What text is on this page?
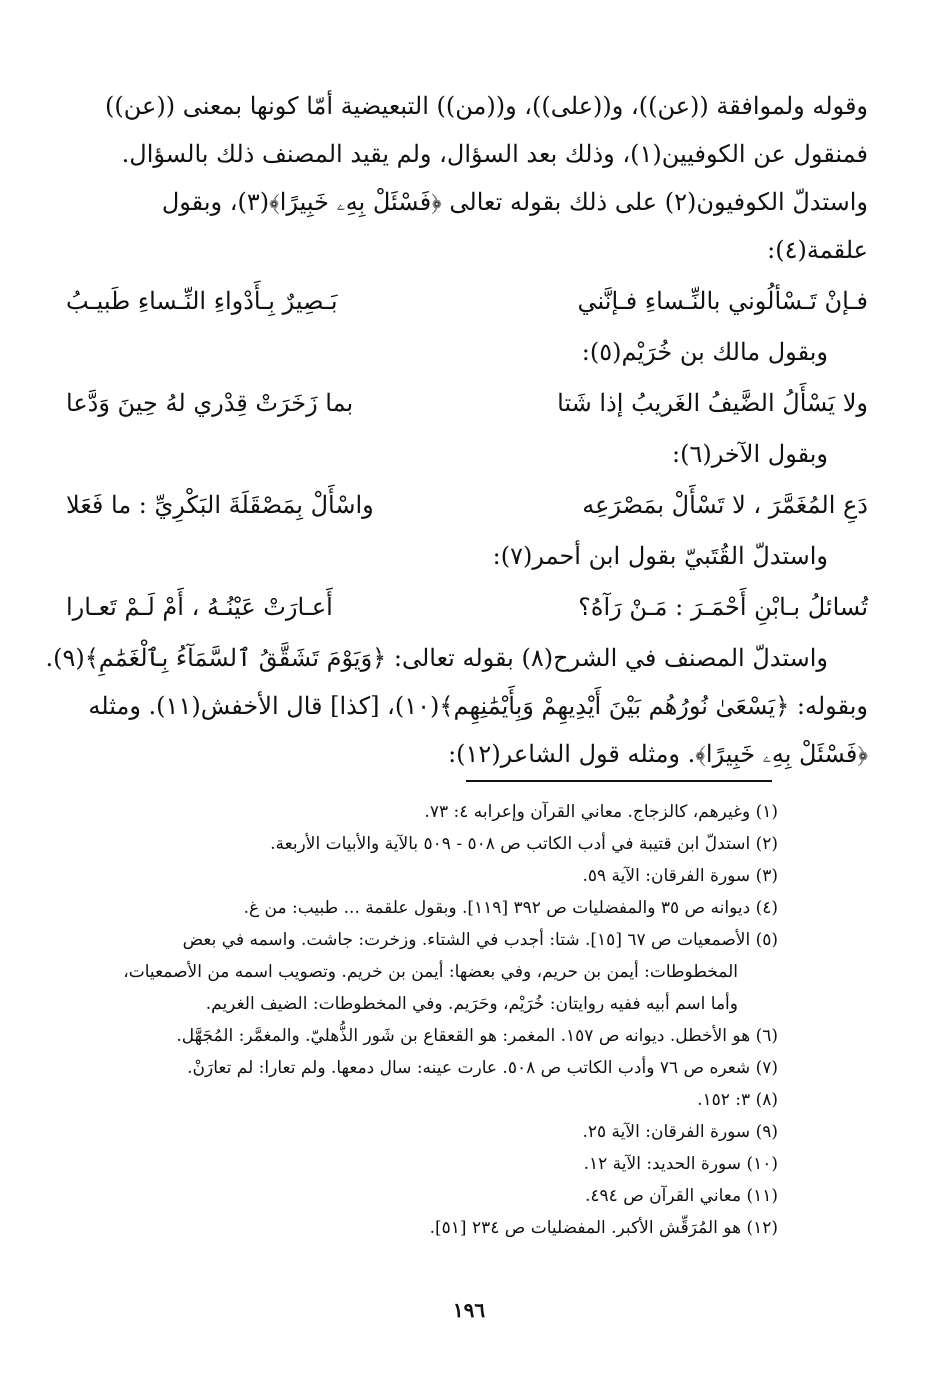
وقوله ولموافقة ((عن))، و((على))، و((من)) التبعيضية أمّا كونها بمعنى ((عن))
فمنقول عن الكوفيين(١)، وذلك بعد السؤال، ولم يقيد المصنف ذلك بالسؤال.
واستدلّ الكوفيون(٢) على ذلك بقوله تعالى ﴿فَسْئَلْ بِهِۦ خَبِيرًا﴾(٣)، وبقول
علقمة(٤):
فـإنْ تَـسْألُوني بالنِّـساءِ فـإنَّني
بَـصِيرٌ بِـأَدْواءِ النِّـساءِ طَبيـبُ
وبقول مالك بن خُرَيْم(٥):
ولا يَسْأَلُ الضَّيفُ الغَريبُ إذا شَتا
بما زَخَرَتْ قِدْري لهُ حِينَ وَدَّعا
وبقول الآخر(٦):
دَعِ المُغَمَّرَ ، لا تَسْأَلْ بمَصْرَعِه
واسْأَلْ بِمَصْقَلَةَ البَكْرِيِّ : ما فَعَلا
واستدلّ القُتَبيّ بقول ابن أحمر(٧):
تُسائلُ بـابْنِ أَحْمَـرَ : مَـنْ رَآهُ؟
أَعـارَتْ عَيْنُـهُ ، أَمْ لَـمْ تَعـارا
واستدلّ المصنف في الشرح(٨) بقوله تعالى: ﴿وَيَوْمَ تَشَقَّقُ ٱلسَّمَآءُ بِٱلْغَمَٰمِ﴾(٩).
وبقوله: ﴿يَسْعَىٰ نُورُهُم بَيْنَ أَيْدِيهِمْ وَبِأَيْمَٰنِهِم﴾(١٠)، [كذا] قال الأخفش(١١). ومثله
﴿فَسْئَلْ بِهِۦ خَبِيرًا﴾. ومثله قول الشاعر(١٢):
(١) وغيرهم، كالزجاج. معاني القرآن وإعرابه ٤: ٧٣.
(٢) استدلّ ابن قتيبة في أدب الكاتب ص ٥٠٨ - ٥٠٩ بالآية والأبيات الأربعة.
(٣) سورة الفرقان: الآية ٥٩.
(٤) ديوانه ص ٣٥ والمفضليات ص ٣٩٢ [١١٩]. وبقول علقمة ... طبيب: من غ.
(٥) الأصمعيات ص ٦٧ [١٥]. شتا: أجدب في الشتاء. وزخرت: جاشت. واسمه في بعض
المخطوطات: أيمن بن حريم، وفي بعضها: أيمن بن خريم. وتصويب اسمه من الأصمعيات،
وأما اسم أبيه ففيه روايتان: خُرَيْم، وحَرَيم. وفي المخطوطات: الضيف الغريم.
(٦) هو الأخطل. ديوانه ص ١٥٧. المغمر: هو القعقاع بن شَور الذُّهليّ. والمغمَّر: المُجَهَّل.
(٧) شعره ص ٧٦ وأدب الكاتب ص ٥٠٨. عارت عينه: سال دمعها. ولم تعارا: لم تعارَنْ.
(٨) ٣: ١٥٢.
(٩) سورة الفرقان: الآية ٢٥.
(١٠) سورة الحديد: الآية ١٢.
(١١) معاني القرآن ص ٤٩٤.
(١٢) هو المُرَقِّش الأكبر. المفضليات ص ٢٣٤ [٥١].
١٩٦
